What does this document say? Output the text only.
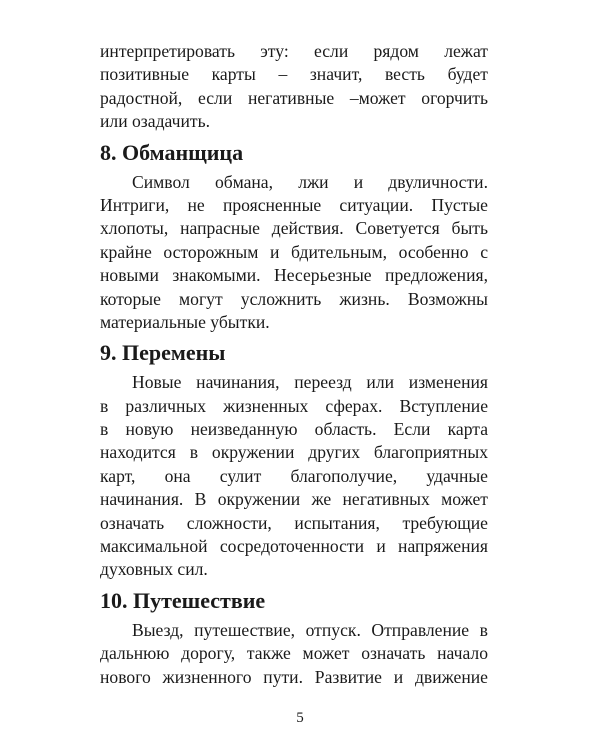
интерпретировать эту: если рядом лежат
позитивные карты – значит, весть будет
радостной, если негативные –может огорчить
или озадачить.
8. Обманщица
Символ обмана, лжи и двуличности.
Интриги, не проясненные ситуации. Пустые
хлопоты, напрасные действия. Советуется быть
крайне осторожным и бдительным, особенно с
новыми знакомыми. Несерьезные предложения,
которые могут усложнить жизнь. Возможны
материальные убытки.
9. Перемены
Новые начинания, переезд или изменения
в различных жизненных сферах. Вступление
в новую неизведанную область. Если карта
находится в окружении других благоприятных
карт, она сулит благополучие, удачные
начинания. В окружении же негативных может
означать сложности, испытания, требующие
максимальной сосредоточенности и напряжения
духовных сил.
10. Путешествие
Выезд, путешествие, отпуск. Отправление в
дальнюю дорогу, также может означать начало
нового жизненного пути. Развитие и движение
5
